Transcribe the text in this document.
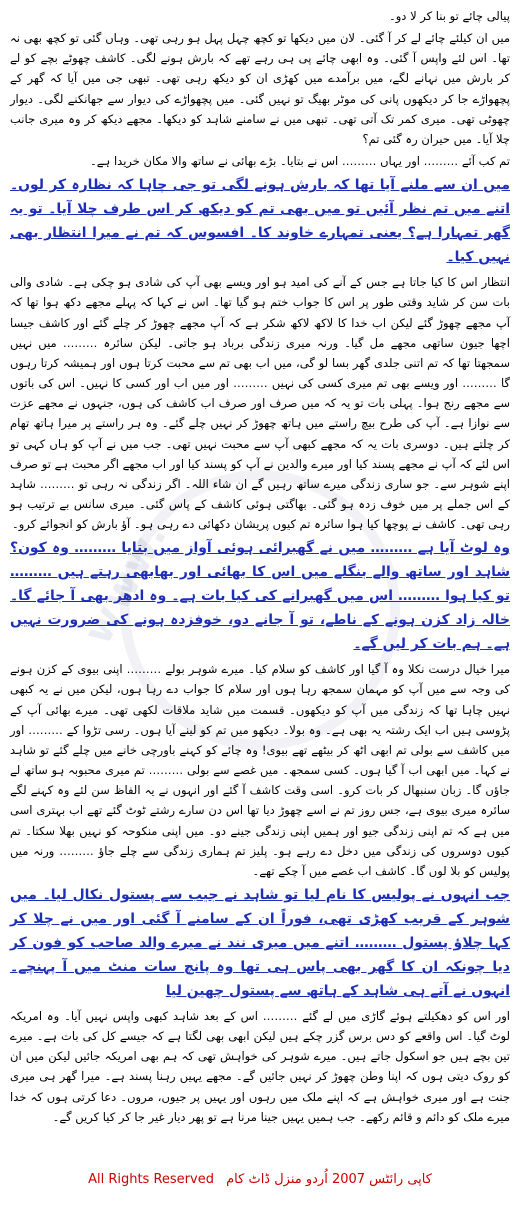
www.
پیالی چائے تو بنا کر لا دو۔
میں ان کیلئے چائے لے کر آ گئی۔ لان میں دیکھا تو کچھ چہل پہل ہو رہی تھی۔ وہاں گئی تو کچھ بھی نہ تھا۔ اس لئے واپس آ گئی۔ وہ ابھی چائے پی ہی رہے تھے کہ بارش ہونے لگی۔ کاشف چھوٹے بچے کو لے کر بارش میں نہانے لگے، میں برآمدے میں کھڑی ان کو دیکھ رہی تھی۔ تبھی جی میں آیا کہ گھر کے پچھواڑے جا کر دیکھوں پانی کی موٹر بھیگ تو نہیں گئی۔ میں پچھواڑے کی دیوار سے جھانکنے لگی۔ دیوار چھوٹی تھی۔ میری کمر تک آتی تھی۔ تبھی میں نے سامنے شاہد کو دیکھا۔ مجھے دیکھ کر وہ میری جانب چلا آیا۔ میں حیران رہ گئی تم؟
تم کب آئے ……… اور یہاں ……… اس نے بتایا۔ بڑے بھائی نے ساتھ والا مکان خریدا ہے۔
میں ان سے ملنے آیا تھا کہ بارش ہونے لگی تو جی چاہا کہ نظارہ کر لوں۔ اتنے میں تم نظر آئیں تو میں بھی تم کو دیکھ کر اس طرف چلا آیا۔ تو یہ گھر تمہارا ہے؟ یعنی تمہارے خاوند کا۔ افسوس کہ تم نے میرا انتظار بھی نہیں کیا۔
انتظار اس کا کیا جاتا ہے جس کے آنے کی امید ہو اور ویسے بھی آپ کی شادی ہو چکی ہے۔ شادی والی بات سن کر شاید وقتی طور پر اس کا جواب ختم ہو گیا تھا۔ اس نے کہا کہ پہلے مجھے دکھ ہوا تھا کہ آپ مجھے چھوڑ گئے لیکن اب خدا کا لاکھ لاکھ شکر ہے کہ آپ مجھے چھوڑ کر چلے گئے اور کاشف جیسا اچھا جیون ساتھی مجھے مل گیا۔ ورنہ میری زندگی برباد ہو جاتی۔ لیکن سائرہ ……… میں نہیں سمجھتا تھا کہ تم اتنی جلدی گھر بسا لو گی، میں اب بھی تم سے محبت کرتا ہوں اور ہمیشہ کرتا رہوں گا ……… اور ویسے بھی تم میری کسی کی نہیں ……… اور میں اب اور کسی کا نہیں۔ اس کی باتوں سے مجھے رنج ہوا۔ پہلی بات تو یہ کہ میں صرف اور صرف اب کاشف کی ہوں، جنہوں نے مجھے عزت سے نوازا ہے۔ آپ کی طرح بیچ راستے میں ہاتھ چھوڑ کر نہیں چلے گئے۔ وہ ہر راستے پر میرا ہاتھ تھام کر چلتے ہیں۔ دوسری بات یہ کہ مجھے کبھی آپ سے محبت نہیں تھی۔ جب میں نے آپ کو ہاں کہی تو اس لئے کہ آپ نے مجھے پسند کیا اور میرے والدین نے آپ کو پسند کیا اور اب مجھے اگر محبت ہے تو صرف اپنے شوہر سے۔ جو ساری زندگی میرے ساتھ رہیں گے ان شاء اللہ۔ اگر زندگی نہ رہی تو ……… شاہد کے اس جملے پر میں خوف زدہ ہو گئی۔ بھاگتی ہوئی کاشف کے پاس گئی۔ میری سانس بے ترتیب ہو رہی تھی۔ کاشف نے پوچھا کیا ہوا سائرہ تم کیوں پریشان دکھائی دے رہی ہو۔ آؤ بارش کو انجوائے کرو۔
وہ لوٹ آیا ہے ……… میں نے گھبرائی ہوئی آواز میں بتایا ……… وہ کون؟ شاہد اور ساتھ والے بنگلے میں اس کا بھائی اور بھابھی رہتے ہیں ……… تو کیا ہوا ……… اس میں گھبرانے کی کیا بات ہے۔ وہ ادھر بھی آ جائے گا۔ خالہ زاد کزن ہونے کے ناطے، تو آ جانے دو، خوفزدہ ہونے کی ضرورت نہیں ہے۔ ہم بات کر لیں گے۔
میرا خیال درست نکلا وہ آ گیا اور کاشف کو سلام کیا۔ میرے شوہر بولے ……… اپنی بیوی کے کزن ہونے کی وجہ سے میں آپ کو مہمان سمجھ رہا ہوں اور سلام کا جواب دے رہا ہوں، لیکن میں نے یہ کبھی نہیں چاہا تھا کہ زندگی میں آپ کو دیکھوں۔ قسمت میں شاید ملاقات لکھی تھی۔ میرے بھائی آپ کے پڑوسی ہیں اب ایک رشتہ یہ بھی ہے۔ وہ بولا۔ دیکھو میں تم کو لینے آیا ہوں۔ رسی تڑوا کے ……… اور میں کاشف سے بولی تم ابھی اٹھ کر بیٹھے تھے بیوی! وہ چائے کو کہنے باورچی خانے میں چلے گئے تو شاہد نے کہا۔ میں ابھی اب آ گیا ہوں۔ کسی سمجھ۔ میں غصے سے بولی ……… تم میری محبوبہ ہو ساتھ لے جاؤں گا۔ زبان سنبھال کر بات کرو۔ اسی وقت کاشف آ گئے اور انہوں نے یہ الفاظ سن لئے وہ کہنے لگے سائرہ میری بیوی ہے، جس روز تم نے اسے چھوڑ دیا تھا اس دن سارے رشتے ٹوٹ گئے تھے اب بہتری اسی میں ہے کہ تم اپنی زندگی جیو اور ہمیں اپنی زندگی جینے دو۔ میں اپنی منکوحہ کو نہیں بھلا سکتا۔ تم کیوں دوسروں کی زندگی میں دخل دے رہے ہو۔ پلیز تم ہماری زندگی سے چلے جاؤ ……… ورنہ میں پولیس کو بلا لوں گا۔ کاشف اب غصے میں آ چکے تھے۔
جب انہوں نے پولیس کا نام لیا تو شاہد نے جیب سے پستول نکال لیا۔ میں شوہر کے قریب کھڑی تھی، فوراً ان کے سامنے آ گئی اور میں نے چلا کر کہا چلاؤ پستول ……… اتنے میں میری نند نے میرے والد صاحب کو فون کر دیا چونکہ ان کا گھر بھی پاس ہی تھا وہ پانچ سات منٹ میں آ پہنچے۔ انہوں نے آتے ہی شاہد کے ہاتھ سے پستول چھین لیا
اور اس کو دھکیلتے ہوئے گاڑی میں لے گئے ……… اس کے بعد شاہد کبھی واپس نہیں آیا۔ وہ امریکہ لوٹ گیا۔ اس واقعے کو دس برس گزر چکے ہیں لیکن ابھی بھی لگتا ہے کہ جیسے کل کی بات ہے۔ میرے تین بچے ہیں جو اسکول جاتے ہیں۔ میرے شوہر کی خواہش تھی کہ ہم بھی امریکہ جائیں لیکن میں ان کو روک دیتی ہوں کہ اپنا وطن چھوڑ کر نہیں جائیں گے۔ مجھے یہیں رہنا پسند ہے۔ میرا گھر ہی میری جنت ہے اور میری خواہش ہے کہ اپنے ملک میں رہوں اور یہیں پر جیوں، مروں۔ دعا کرتی ہوں کہ خدا میرے ملک کو دائم و قائم رکھے۔ جب ہمیں یہیں جینا مرنا ہے تو پھر دیار غیر جا کر کیا کریں گے۔
All Rights Reserved کاپی رائٹس 2007 اُردو منزل ڈاٹ کام
